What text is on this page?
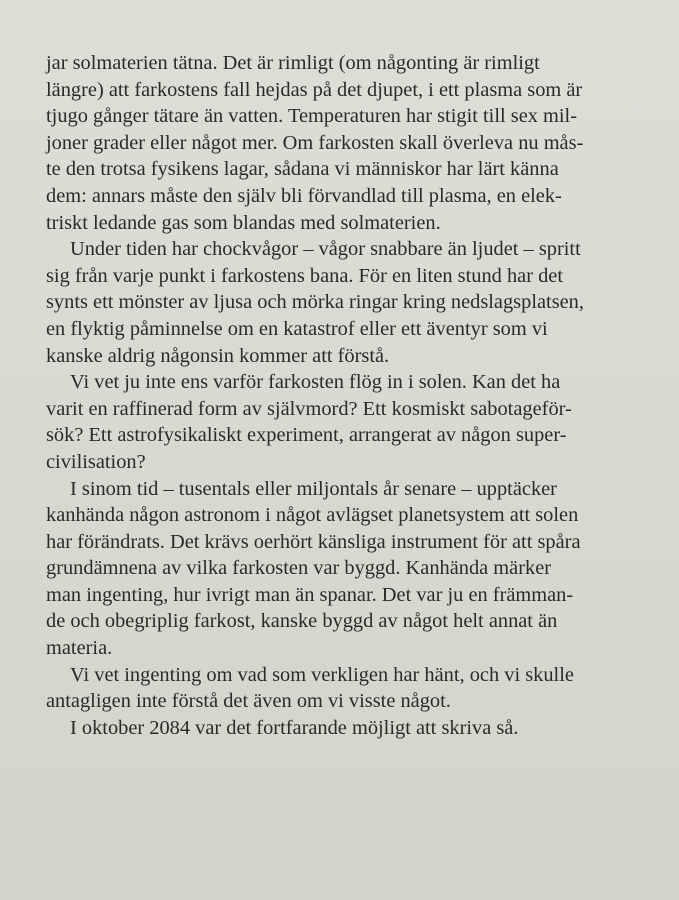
jar solmaterien tätna. Det är rimligt (om någonting är rimligt
längre) att farkostens fall hejdas på det djupet, i ett plasma som är
tjugo gånger tätare än vatten. Temperaturen har stigit till sex mil-
joner grader eller något mer. Om farkosten skall överleva nu mås-
te den trotsa fysikens lagar, sådana vi människor har lärt känna
dem: annars måste den själv bli förvandlad till plasma, en elek-
triskt ledande gas som blandas med solmaterien.
Under tiden har chockvågor – vågor snabbare än ljudet – spritt
sig från varje punkt i farkostens bana. För en liten stund har det
synts ett mönster av ljusa och mörka ringar kring nedslagsplatsen,
en flyktig påminnelse om en katastrof eller ett äventyr som vi
kanske aldrig någonsin kommer att förstå.
Vi vet ju inte ens varför farkosten flög in i solen. Kan det ha
varit en raffinerad form av självmord? Ett kosmiskt sabotageför-
sök? Ett astrofysikaliskt experiment, arrangerat av någon super-
civilisation?
I sinom tid – tusentals eller miljontals år senare – upptäcker
kanhända någon astronom i något avlägset planetsystem att solen
har förändrats. Det krävs oerhört känsliga instrument för att spåra
grundämnena av vilka farkosten var byggd. Kanhända märker
man ingenting, hur ivrigt man än spanar. Det var ju en främman-
de och obegriplig farkost, kanske byggd av något helt annat än
materia.
Vi vet ingenting om vad som verkligen har hänt, och vi skulle
antagligen inte förstå det även om vi visste något.
I oktober 2084 var det fortfarande möjligt att skriva så.
